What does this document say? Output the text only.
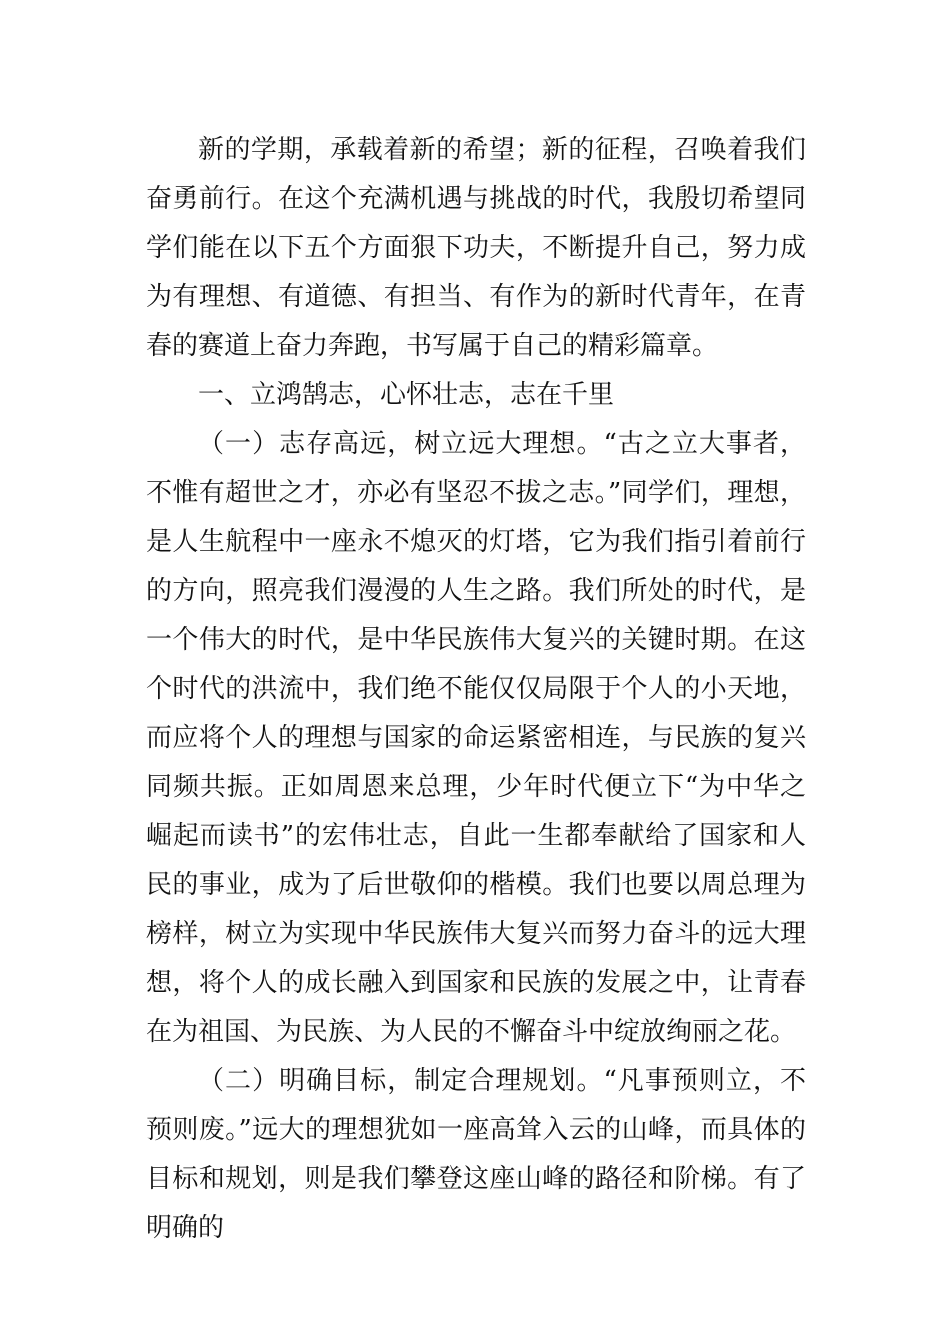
新的学期，承载着新的希望；新的征程，召唤着我们奋勇前行。在这个充满机遇与挑战的时代，我殷切希望同学们能在以下五个方面狠下功夫，不断提升自己，努力成为有理想、有道德、有担当、有作为的新时代青年，在青春的赛道上奋力奔跑，书写属于自己的精彩篇章。

一、立鸿鹄志，心怀壮志，志在千里

（一）志存高远，树立远大理想。“古之立大事者，不惟有超世之才，亦必有坚忍不拔之志。”同学们，理想，是人生航程中一座永不熄灭的灯塔，它为我们指引着前行的方向，照亮我们漫漫的人生之路。我们所处的时代，是一个伟大的时代，是中华民族伟大复兴的关键时期。在这个时代的洪流中，我们绝不能仅仅局限于个人的小天地，而应将个人的理想与国家的命运紧密相连，与民族的复兴同频共振。正如周恩来总理，少年时代便立下“为中华之崛起而读书”的宏伟壮志，自此一生都奉献给了国家和人民的事业，成为了后世敬仰的楷模。我们也要以周总理为榜样，树立为实现中华民族伟大复兴而努力奋斗的远大理想，将个人的成长融入到国家和民族的发展之中，让青春在为祖国、为民族、为人民的不懈奋斗中绽放绚丽之花。

（二）明确目标，制定合理规划。“凡事预则立，不预则废。”远大的理想犹如一座高耸入云的山峰，而具体的目标和规划，则是我们攀登这座山峰的路径和阶梯。有了明确的
